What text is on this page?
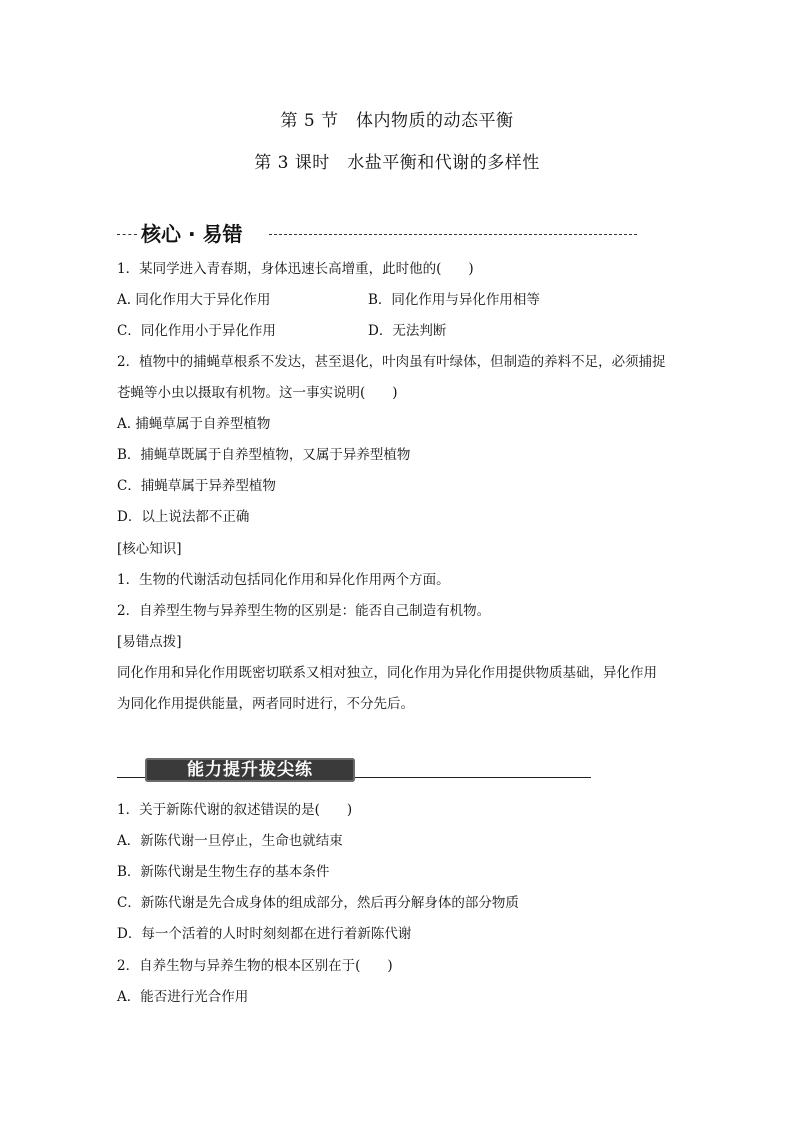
第 5 节　体内物质的动态平衡
第 3 课时　水盐平衡和代谢的多样性
核心 · 易错
1．某同学进入青春期，身体迅速长高增重，此时他的(　　)
A. 同化作用大于异化作用	B．同化作用与异化作用相等
C．同化作用小于异化作用	D．无法判断
2．植物中的捕蝇草根系不发达，甚至退化，叶肉虽有叶绿体，但制造的养料不足，必须捕捉
苍蝇等小虫以摄取有机物。这一事实说明(　　)
A. 捕蝇草属于自养型植物
B．捕蝇草既属于自养型植物，又属于异养型植物
C．捕蝇草属于异养型植物
D．以上说法都不正确
[核心知识]
1．生物的代谢活动包括同化作用和异化作用两个方面。
2．自养型生物与异养型生物的区别是：能否自己制造有机物。
[易错点拨]
同化作用和异化作用既密切联系又相对独立，同化作用为异化作用提供物质基础，异化作用
为同化作用提供能量，两者同时进行，不分先后。
能力提升拔尖练
1．关于新陈代谢的叙述错误的是(　　)
A．新陈代谢一旦停止，生命也就结束
B．新陈代谢是生物生存的基本条件
C．新陈代谢是先合成身体的组成部分，然后再分解身体的部分物质
D．每一个活着的人时时刻刻都在进行着新陈代谢
2．自养生物与异养生物的根本区别在于(　　)
A．能否进行光合作用
